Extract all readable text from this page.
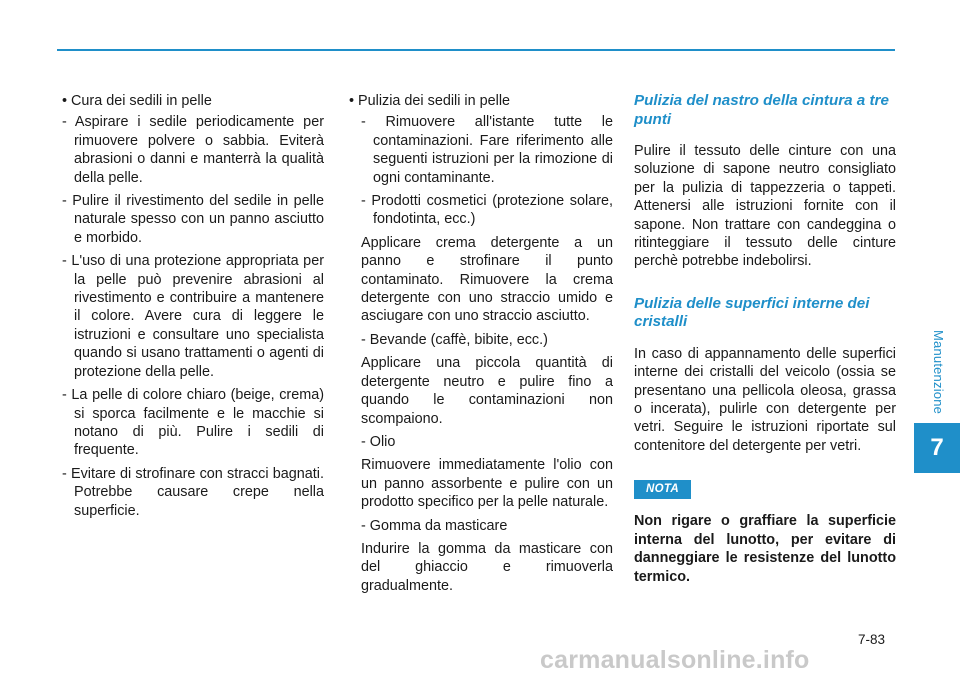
Manutenzione
7

• Cura dei sedili in pelle

- Aspirare i sedile periodicamente per rimuovere polvere o sabbia. Eviterà abrasioni o danni e manterrà la qualità della pelle.

- Pulire il rivestimento del sedile in pelle naturale spesso con un panno asciutto e morbido.

- L'uso di una protezione appropriata per la pelle può prevenire abrasioni al rivestimento e contribuire a mantenere il colore. Avere cura di leggere le istruzioni e consultare uno specialista quando si usano trattamenti o agenti di protezione della pelle.

- La pelle di colore chiaro (beige, crema) si sporca facilmente e le macchie si notano di più. Pulire i sedili di frequente.

- Evitare di strofinare con stracci bagnati. Potrebbe causare crepe nella superficie.

• Pulizia dei sedili in pelle

- Rimuovere all'istante tutte le contaminazioni. Fare riferimento alle seguenti istruzioni per la rimozione di ogni contaminante.

- Prodotti cosmetici (protezione solare, fondotinta, ecc.)

Applicare crema detergente a un panno e strofinare il punto contaminato. Rimuovere la crema detergente con uno straccio umido e asciugare con uno straccio asciutto.

- Bevande (caffè, bibite, ecc.)

Applicare una piccola quantità di detergente neutro e pulire fino a quando le contaminazioni non scompaiono.

- Olio

Rimuovere immediatamente l'olio con un panno assorbente e pulire con un prodotto specifico per la pelle naturale.

- Gomma da masticare

Indurire la gomma da masticare con del ghiaccio e rimuoverla gradualmente.

Pulizia del nastro della cintura a tre punti

Pulire il tessuto delle cinture con una soluzione di sapone neutro consigliato per la pulizia di tappezzeria o tappeti. Attenersi alle istruzioni fornite con il sapone. Non trattare con candeggina o ritinteggiare il tessuto delle cinture perchè potrebbe indebolirsi.

Pulizia delle superfici interne dei cristalli

In caso di appannamento delle superfici interne dei cristalli del veicolo (ossia se presentano una pellicola oleosa, grassa o incerata), pulirle con detergente per vetri. Seguire le istruzioni riportate sul contenitore del detergente per vetri.

NOTA

Non rigare o graffiare la superficie interna del lunotto, per evitare di danneggiare le resistenze del lunotto termico.

7-83
carmanualsonline.info
